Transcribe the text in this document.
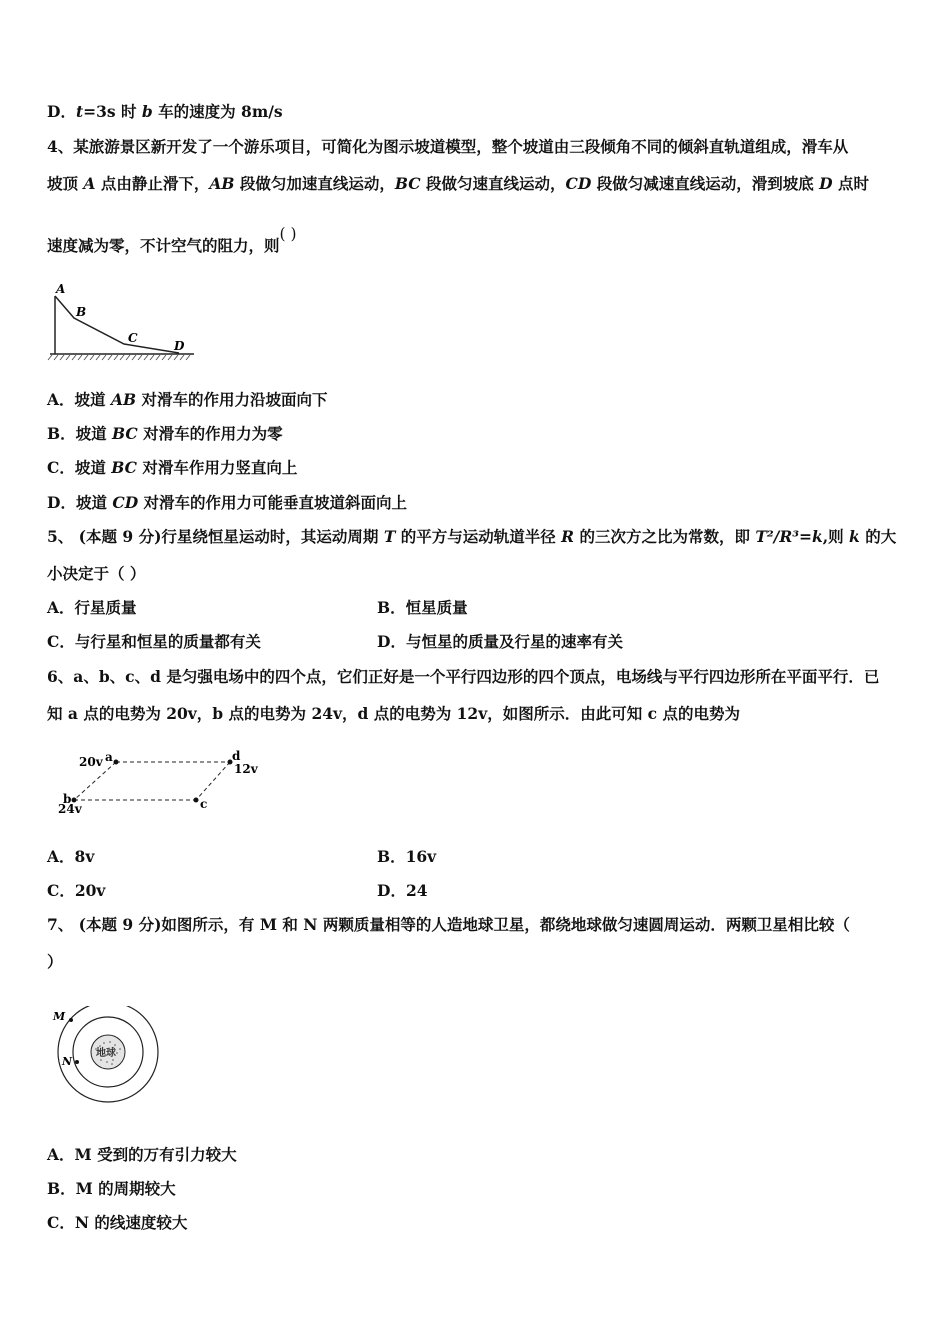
D．t=3s 时 b 车的速度为 8m/s
4、某旅游景区新开发了一个游乐项目，可简化为图示坡道模型，整个坡道由三段倾角不同的倾斜直轨道组成，滑车从
坡顶 A 点由静止滑下，AB 段做匀加速直线运动，BC 段做匀速直线运动，CD 段做匀减速直线运动，滑到坡底 D 点时
速度减为零，不计空气的阻力，则( )
A
B
C
D
A．坡道 AB 对滑车的作用力沿坡面向下
B．坡道 BC 对滑车的作用力为零
C．坡道 BC 对滑车作用力竖直向上
D．坡道 CD 对滑车的作用力可能垂直坡道斜面向上
5、 (本题 9 分)行星绕恒星运动时，其运动周期 T 的平方与运动轨道半径 R 的三次方之比为常数，即 T²/R³=k,则 k 的大
小决定于（ ）
A．行星质量	B．恒星质量
C．与行星和恒星的质量都有关	D．与恒星的质量及行星的速率有关
6、a、b、c、d 是匀强电场中的四个点，它们正好是一个平行四边形的四个顶点，电场线与平行四边形所在平面平行．已
知 a 点的电势为 20v，b 点的电势为 24v，d 点的电势为 12v，如图所示．由此可知 c 点的电势为
20v a
b
24v	c
d
12v
A．8v	B．16v
C．20v	D．24
7、 (本题 9 分)如图所示，有 M 和 N 两颗质量相等的人造地球卫星，都绕地球做匀速圆周运动．两颗卫星相比较（
）
地球
M
N
A．M 受到的万有引力较大
B．M 的周期较大
C．N 的线速度较大
